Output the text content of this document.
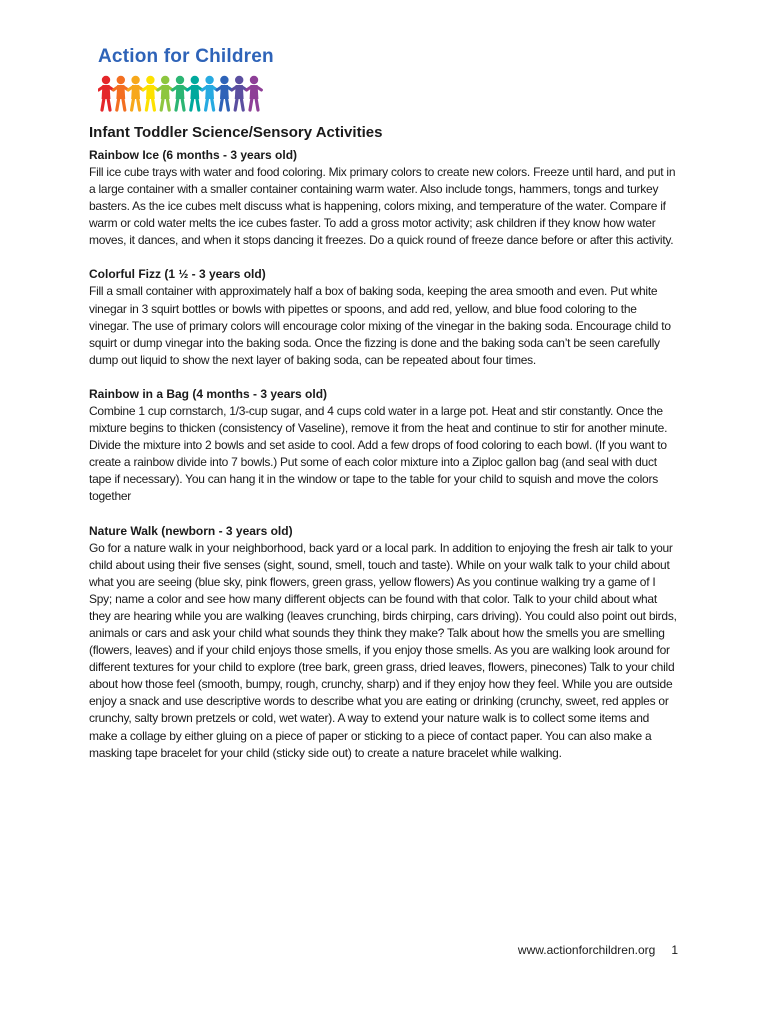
Action for Children
Infant Toddler Science/Sensory Activities
Rainbow Ice (6 months - 3 years old)

Fill ice cube trays with water and food coloring. Mix primary colors to create new colors. Freeze until hard, and put in a large container with a smaller container containing warm water. Also include tongs, hammers, tongs and turkey basters. As the ice cubes melt discuss what is happening, colors mixing, and temperature of the water. Compare if warm or cold water melts the ice cubes faster. To add a gross motor activity; ask children if they know how water moves, it dances, and when it stops dancing it freezes. Do a quick round of freeze dance before or after this activity.

Colorful Fizz (1 ½ - 3 years old)

Fill a small container with approximately half a box of baking soda, keeping the area smooth and even. Put white vinegar in 3 squirt bottles or bowls with pipettes or spoons, and add red, yellow, and blue food coloring to the vinegar. The use of primary colors will encourage color mixing of the vinegar in the baking soda. Encourage child to squirt or dump vinegar into the baking soda. Once the fizzing is done and the baking soda can’t be seen carefully dump out liquid to show the next layer of baking soda, can be repeated about four times.

Rainbow in a Bag (4 months - 3 years old)

Combine 1 cup cornstarch, 1/3-cup sugar, and 4 cups cold water in a large pot. Heat and stir constantly. Once the mixture begins to thicken (consistency of Vaseline), remove it from the heat and continue to stir for another minute. Divide the mixture into 2 bowls and set aside to cool. Add a few drops of food coloring to each bowl. (If you want to create a rainbow divide into 7 bowls.) Put some of each color mixture into a Ziploc gallon bag (and seal with duct tape if necessary). You can hang it in the window or tape to the table for your child to squish and move the colors together

Nature Walk (newborn - 3 years old)

Go for a nature walk in your neighborhood, back yard or a local park. In addition to enjoying the fresh air talk to your child about using their five senses (sight, sound, smell, touch and taste). While on your walk talk to your child about what you are seeing (blue sky, pink flowers, green grass, yellow flowers) As you continue walking try a game of I Spy; name a color and see how many different objects can be found with that color. Talk to your child about what they are hearing while you are walking (leaves crunching, birds chirping, cars driving). You could also point out birds, animals or cars and ask your child what sounds they think they make? Talk about how the smells you are smelling (flowers, leaves) and if your child enjoys those smells, if you enjoy those smells. As you are walking look around for different textures for your child to explore (tree bark, green grass, dried leaves, flowers, pinecones) Talk to your child about how those feel (smooth, bumpy, rough, crunchy, sharp) and if they enjoy how they feel. While you are outside enjoy a snack and use descriptive words to describe what you are eating or drinking (crunchy, sweet, red apples or crunchy, salty brown pretzels or cold, wet water). A way to extend your nature walk is to collect some items and make a collage by either gluing on a piece of paper or sticking to a piece of contact paper. You can also make a masking tape bracelet for your child (sticky side out) to create a nature bracelet while walking.

www.actionforchildren.org 1
